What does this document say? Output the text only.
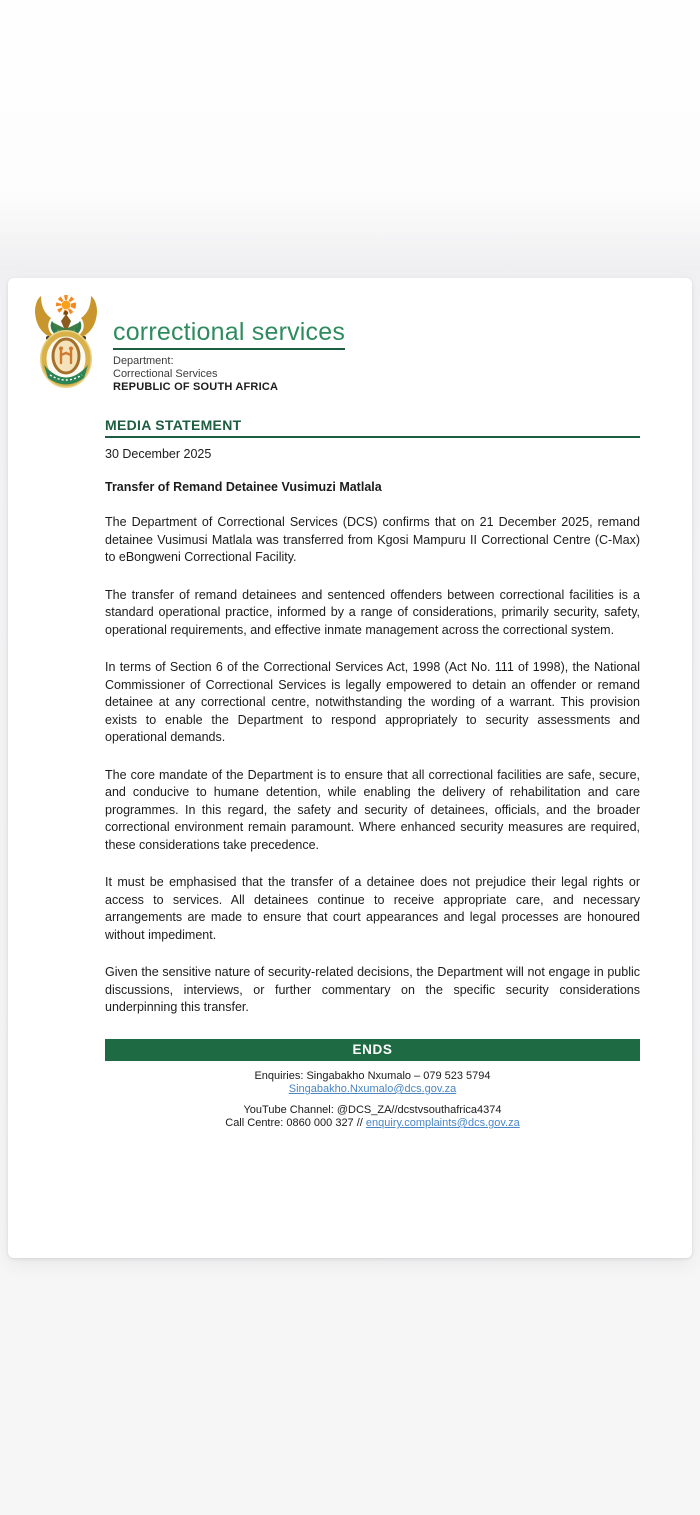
correctional services
Department:
Correctional Services
REPUBLIC OF SOUTH AFRICA
MEDIA STATEMENT
30 December 2025
Transfer of Remand Detainee Vusimuzi Matlala

The Department of Correctional Services (DCS) confirms that on 21 December 2025, remand detainee Vusimusi Matlala was transferred from Kgosi Mampuru II Correctional Centre (C-Max) to eBongweni Correctional Facility.

The transfer of remand detainees and sentenced offenders between correctional facilities is a standard operational practice, informed by a range of considerations, primarily security, safety, operational requirements, and effective inmate management across the correctional system.

In terms of Section 6 of the Correctional Services Act, 1998 (Act No. 111 of 1998), the National Commissioner of Correctional Services is legally empowered to detain an offender or remand detainee at any correctional centre, notwithstanding the wording of a warrant. This provision exists to enable the Department to respond appropriately to security assessments and operational demands.

The core mandate of the Department is to ensure that all correctional facilities are safe, secure, and conducive to humane detention, while enabling the delivery of rehabilitation and care programmes. In this regard, the safety and security of detainees, officials, and the broader correctional environment remain paramount. Where enhanced security measures are required, these considerations take precedence.

It must be emphasised that the transfer of a detainee does not prejudice their legal rights or access to services. All detainees continue to receive appropriate care, and necessary arrangements are made to ensure that court appearances and legal processes are honoured without impediment.

Given the sensitive nature of security-related decisions, the Department will not engage in public discussions, interviews, or further commentary on the specific security considerations underpinning this transfer.

ENDS
Enquiries: Singabakho Nxumalo – 079 523 5794
Singabakho.Nxumalo@dcs.gov.za
YouTube Channel: @DCS_ZA//dcstvsouthafrica4374
Call Centre: 0860 000 327 // enquiry.complaints@dcs.gov.za
